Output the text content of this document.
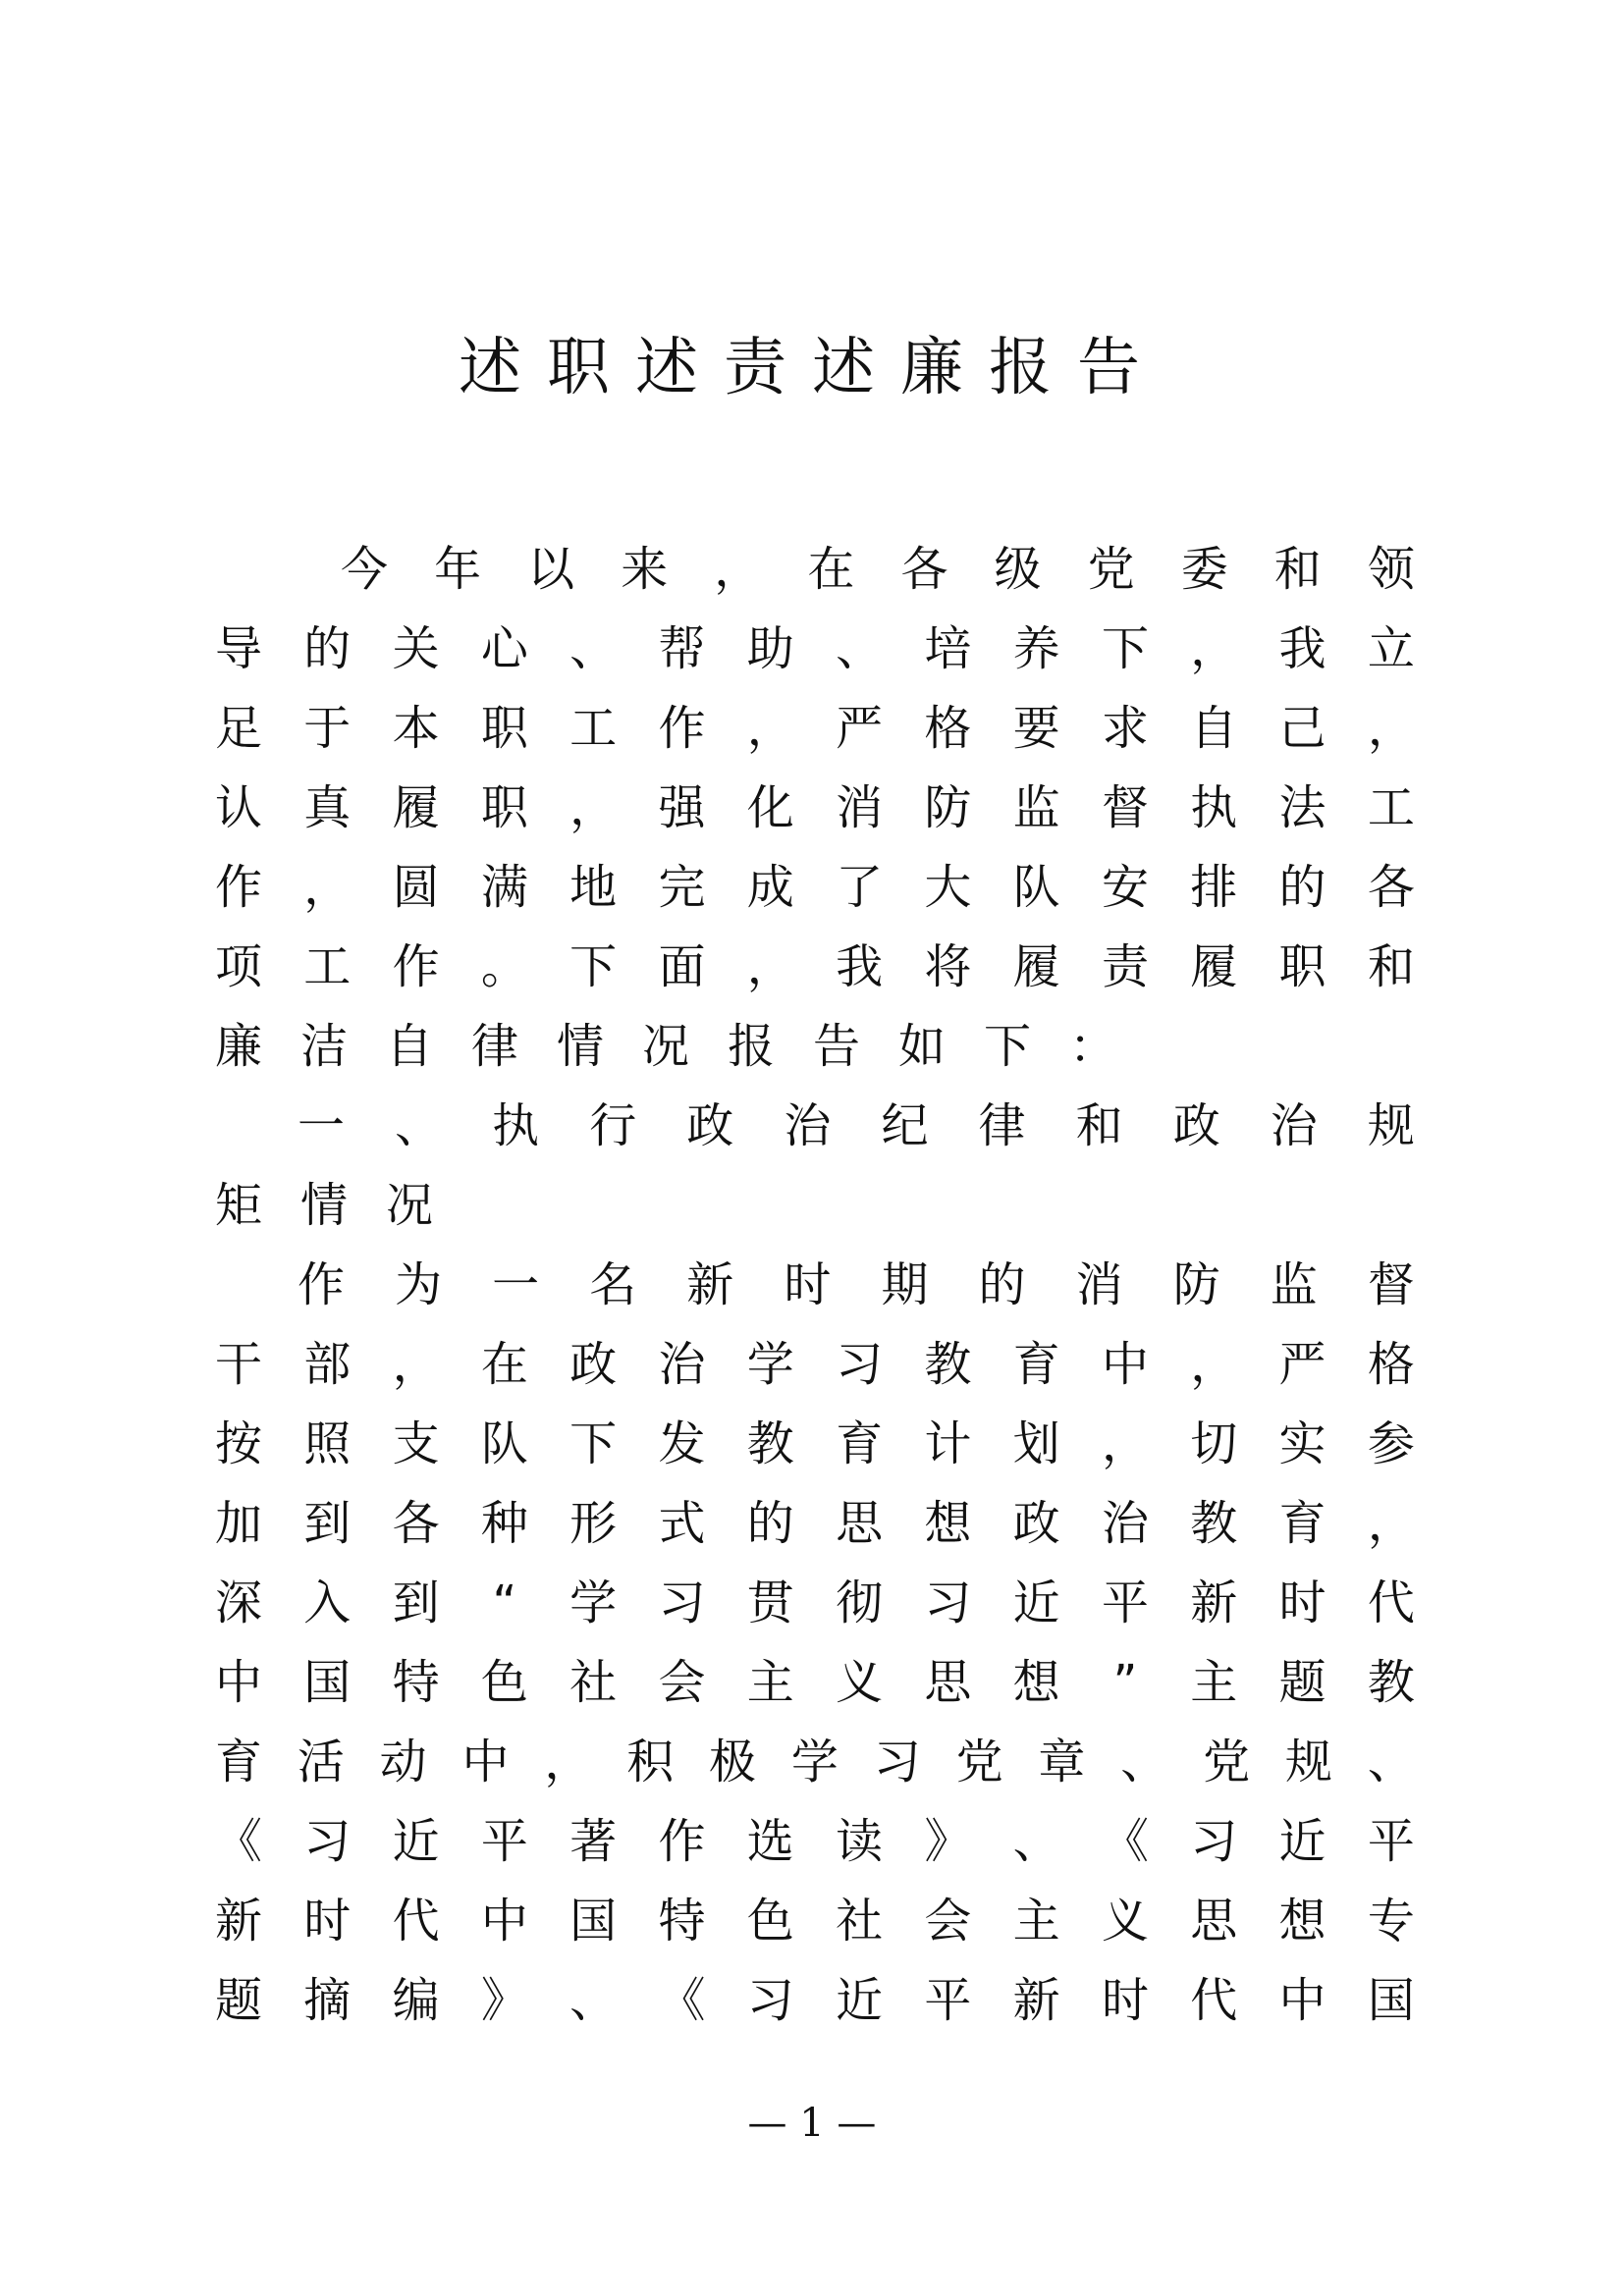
述职述责述廉报告
今 年 以 来 ， 在 各 级 党 委 和 领
导 的 关 心 、 帮 助 、 培 养 下 ， 我 立
足 于 本 职 工 作 ， 严 格 要 求 自 己 ，
认 真 履 职 ， 强 化 消 防 监 督 执 法 工
作 ， 圆 满 地 完 成 了 大 队 安 排 的 各
项 工 作 。 下 面 ， 我 将 履 责 履 职 和
廉 洁 自 律 情 况 报 告 如 下 ：
一 、 执 行 政 治 纪 律 和 政 治 规
矩 情 况
作 为 一 名 新 时 期 的 消 防 监 督
干 部 ， 在 政 治 学 习 教 育 中 ， 严 格
按 照 支 队 下 发 教 育 计 划 ， 切 实 参
加 到 各 种 形 式 的 思 想 政 治 教 育 ，
深 入 到	“	学 习 贯 彻 习 近 平 新 时 代
中 国 特 色 社 会 主 义 思 想	”	主 题 教
育 活 动 中 ， 积 极 学 习 党 章 、 党 规 、
《 习 近 平 著 作 选 读 》 、 《 习 近 平
新 时 代 中 国 特 色 社 会 主 义 思 想 专
题 摘 编 》 、 《 习 近 平 新 时 代 中 国
— 1 —
